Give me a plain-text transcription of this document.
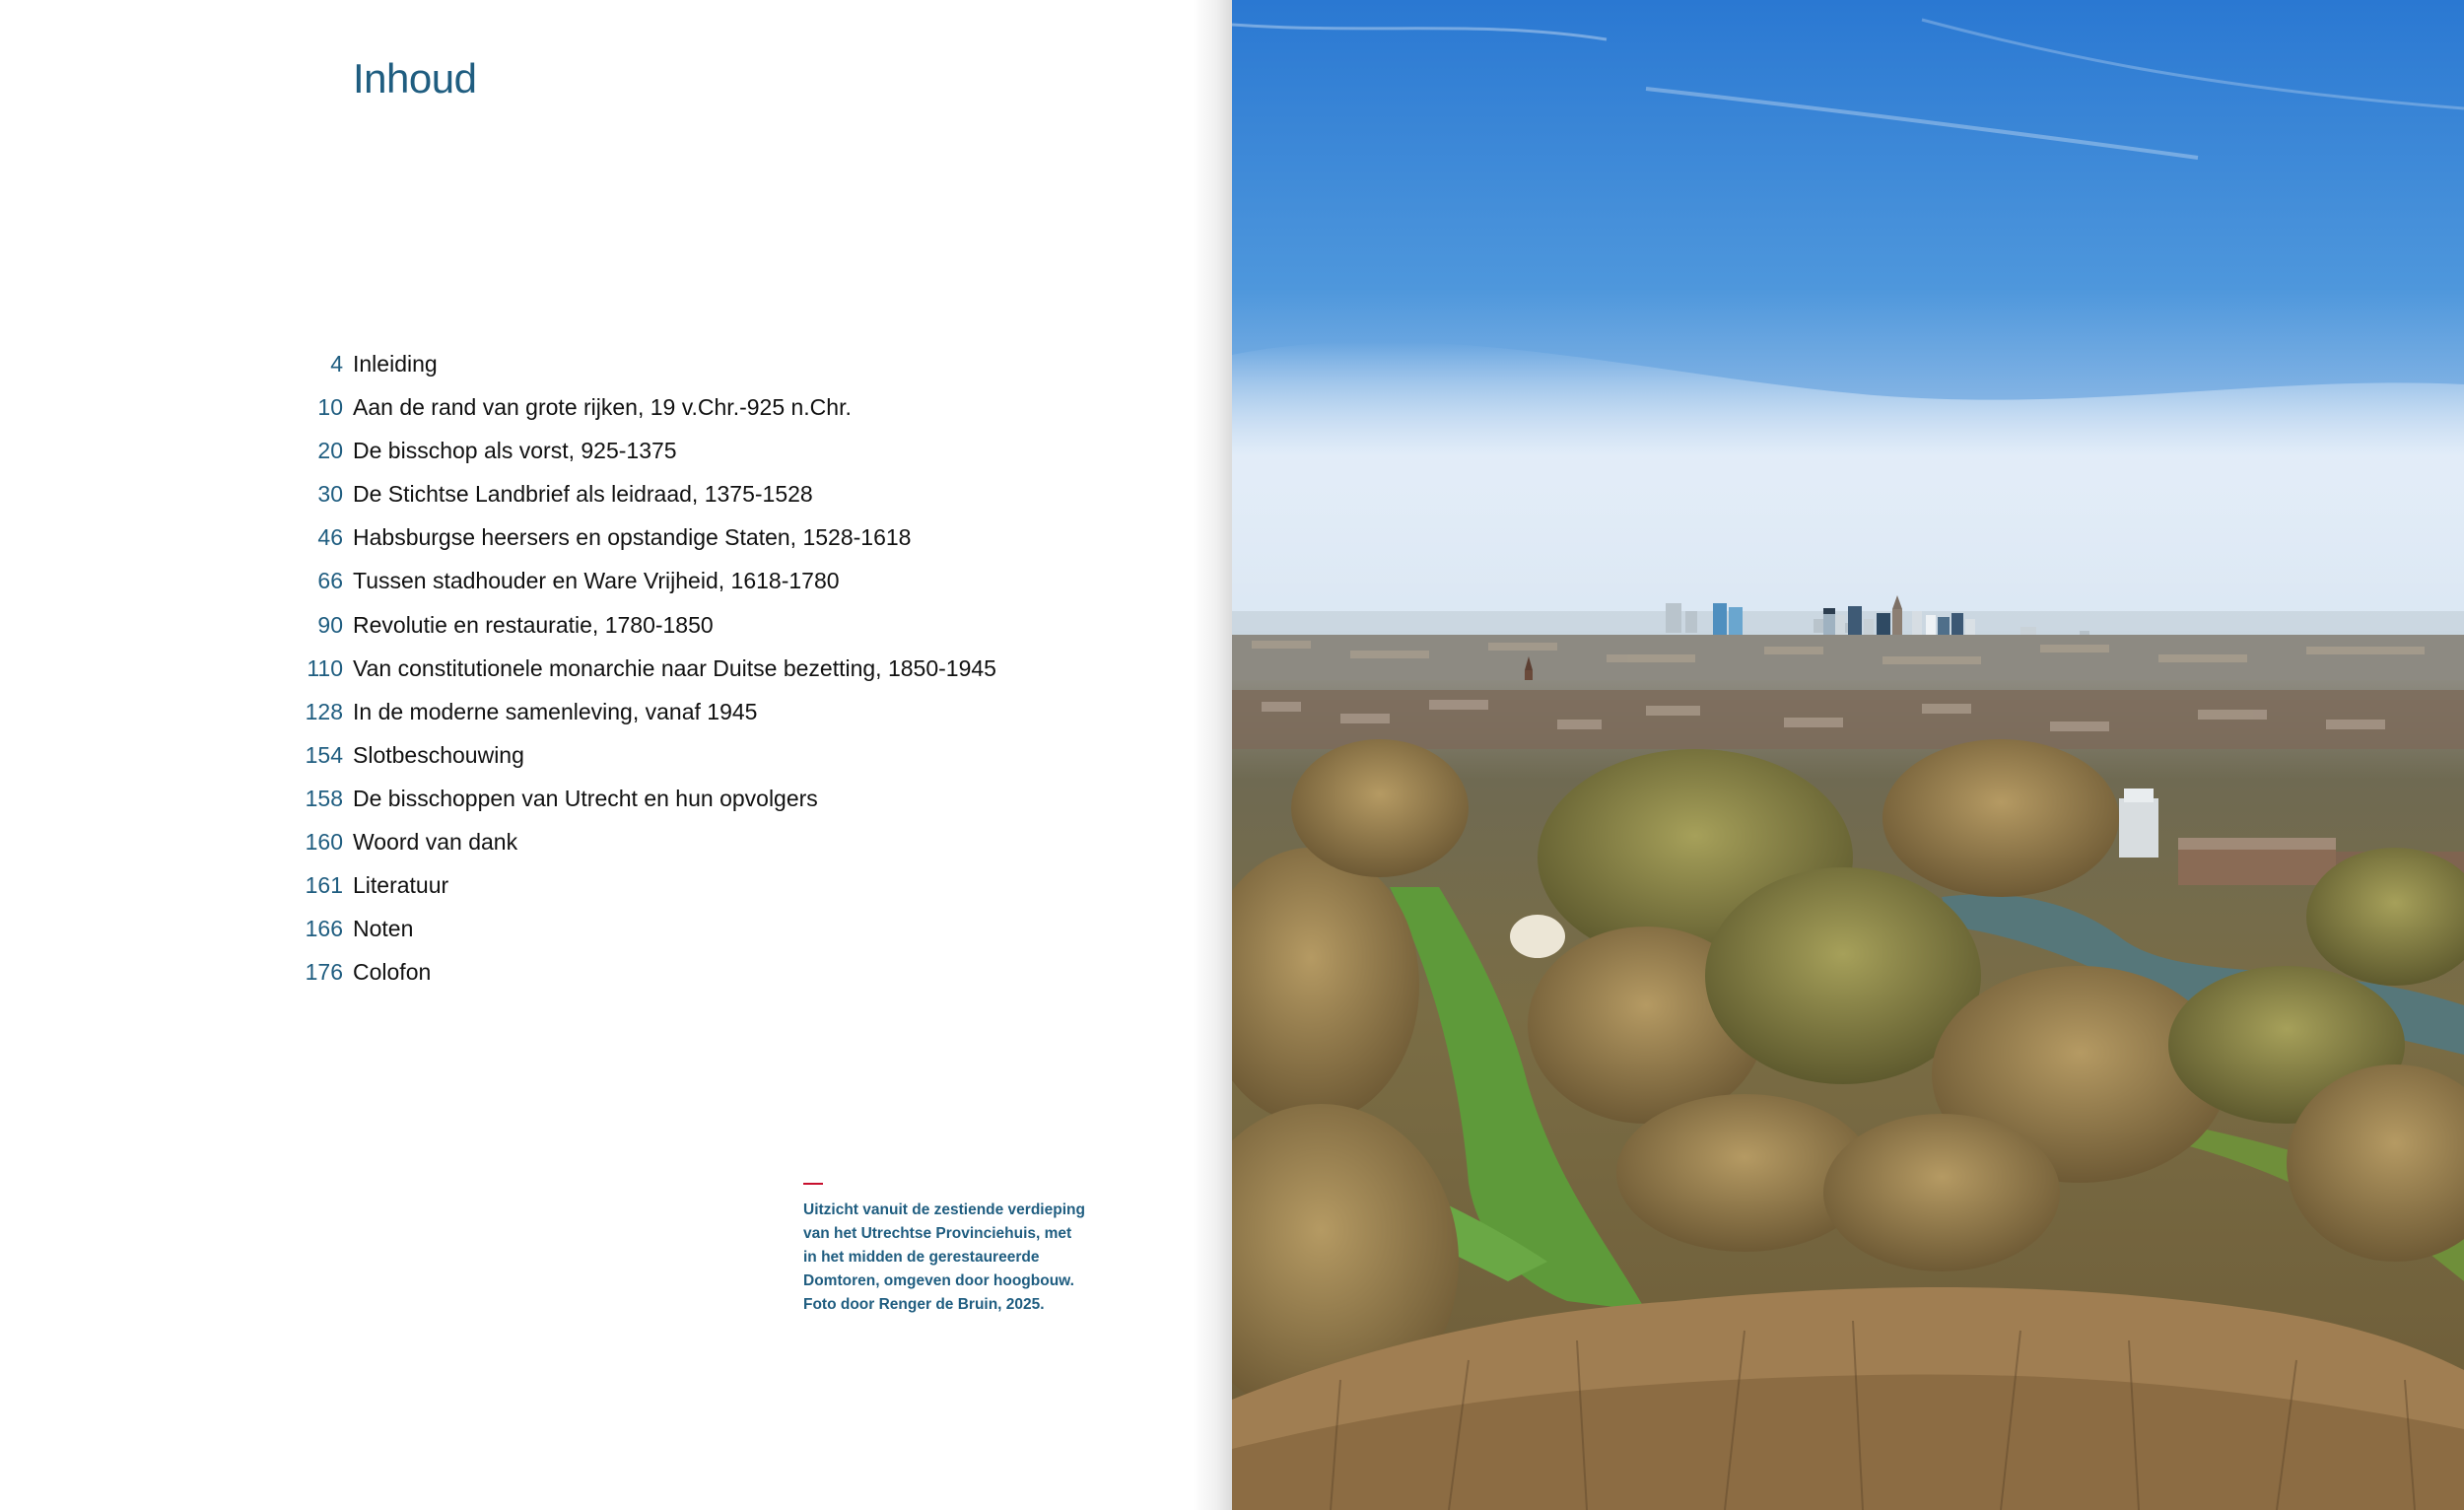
Inhoud
4 Inleiding
10 Aan de rand van grote rijken, 19 v.Chr.-925 n.Chr.
20 De bisschop als vorst, 925-1375
30 De Stichtse Landbrief als leidraad, 1375-1528
46 Habsburgse heersers en opstandige Staten, 1528-1618
66 Tussen stadhouder en Ware Vrijheid, 1618-1780
90 Revolutie en restauratie, 1780-1850
110 Van constitutionele monarchie naar Duitse bezetting, 1850-1945
128 In de moderne samenleving, vanaf 1945
154 Slotbeschouwing
158 De bisschoppen van Utrecht en hun opvolgers
160 Woord van dank
161 Literatuur
166 Noten
176 Colofon

Uitzicht vanuit de zestiende verdieping
van het Utrechtse Provinciehuis, met
in het midden de gerestaureerde
Domtoren, omgeven door hoogbouw.
Foto door Renger de Bruin, 2025.
